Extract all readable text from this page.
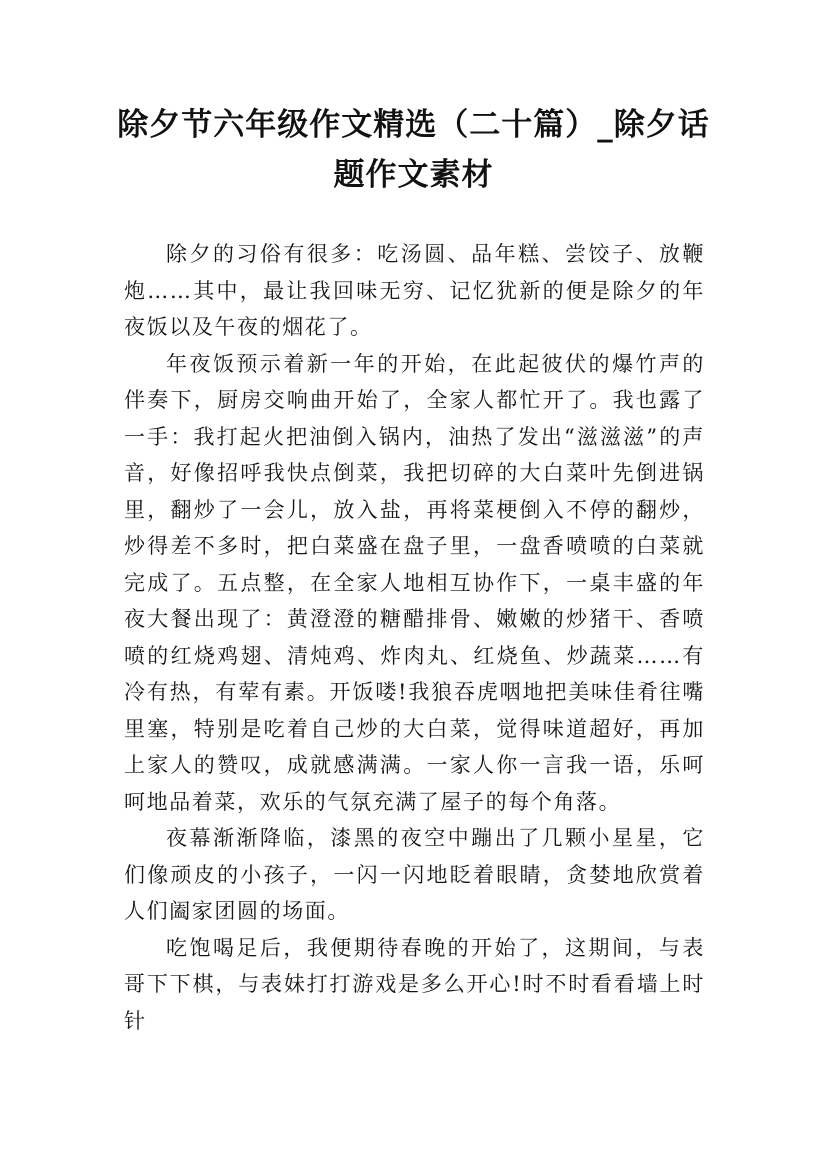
除夕节六年级作文精选（二十篇）_除夕话题作文素材

除夕的习俗有很多：吃汤圆、品年糕、尝饺子、放鞭炮……其中，最让我回味无穷、记忆犹新的便是除夕的年夜饭以及午夜的烟花了。

年夜饭预示着新一年的开始，在此起彼伏的爆竹声的伴奏下，厨房交响曲开始了，全家人都忙开了。我也露了一手：我打起火把油倒入锅内，油热了发出“滋滋滋”的声音，好像招呼我快点倒菜，我把切碎的大白菜叶先倒进锅里，翻炒了一会儿，放入盐，再将菜梗倒入不停的翻炒，炒得差不多时，把白菜盛在盘子里，一盘香喷喷的白菜就完成了。五点整，在全家人地相互协作下，一桌丰盛的年夜大餐出现了：黄澄澄的糖醋排骨、嫩嫩的炒猪干、香喷喷的红烧鸡翅、清炖鸡、炸肉丸、红烧鱼、炒蔬菜……有冷有热，有荤有素。开饭喽!我狼吞虎咽地把美味佳肴往嘴里塞，特别是吃着自己炒的大白菜，觉得味道超好，再加上家人的赞叹，成就感满满。一家人你一言我一语，乐呵呵地品着菜，欢乐的气氛充满了屋子的每个角落。

夜幕渐渐降临，漆黑的夜空中蹦出了几颗小星星，它们像顽皮的小孩子，一闪一闪地眨着眼睛，贪婪地欣赏着人们阖家团圆的场面。

吃饱喝足后，我便期待春晚的开始了，这期间，与表哥下下棋，与表妹打打游戏是多么开心!时不时看看墙上时针
